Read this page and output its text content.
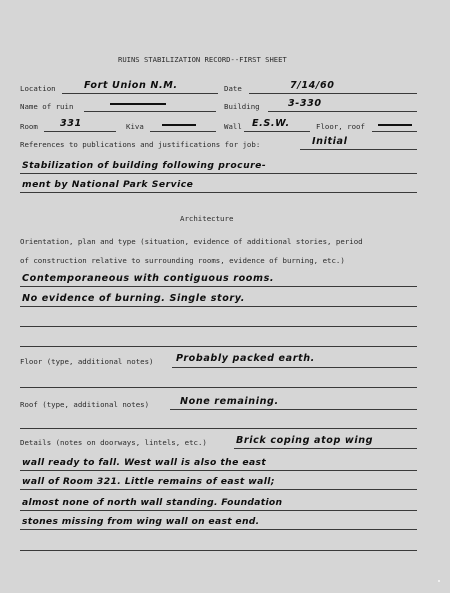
RUINS STABILIZATION RECORD--FIRST SHEET
Location	Fort Union N.M.	Date	7/14/60
Name of ruin	Building	3-330
Room 331	Kiva	Wall E.S.W.	Floor, roof
References to publications and justifications for job:	Initial
Stabilization of building following procure-
ment by National Park Service
Architecture
Orientation, plan and type (situation, evidence of additional stories, period
of construction relative to surrounding rooms, evidence of burning, etc.)
Contemporaneous with contiguous rooms.
No evidence of burning. Single story.
Floor (type, additional notes) Probably packed earth.
Roof (type, additional notes)	None remaining.
Details (notes on doorways, lintels, etc.)	Brick coping atop wing
wall ready to fall. West wall is also the east
wall of Room 321. Little remains of east wall;
almost none of north wall standing. Foundation
stones missing from wing wall on east end.
